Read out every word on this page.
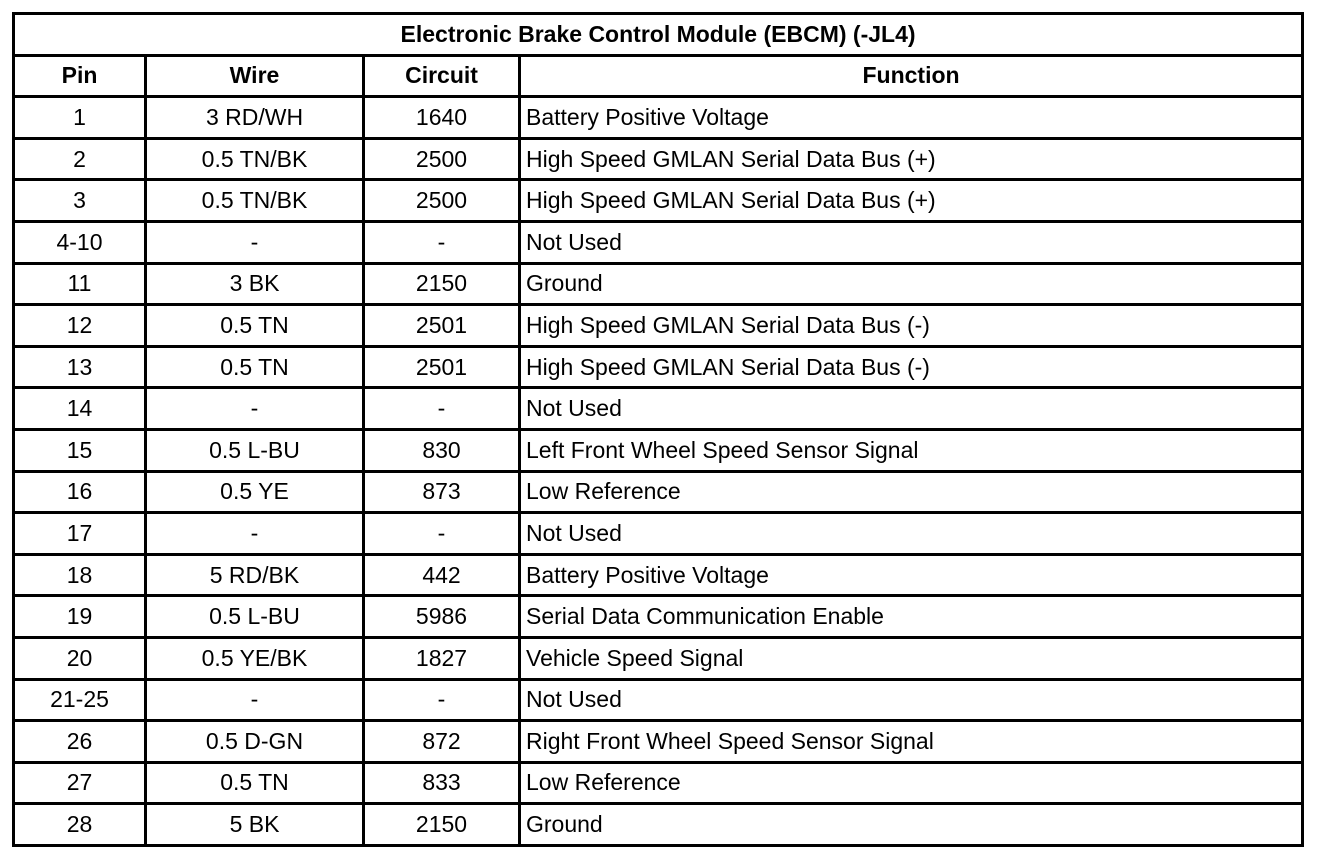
Electronic Brake Control Module (EBCM) (-JL4)			
Pin	Wire	Circuit	Function
1	3 RD/WH	1640	Battery Positive Voltage
2	0.5 TN/BK	2500	High Speed GMLAN Serial Data Bus (+)
3	0.5 TN/BK	2500	High Speed GMLAN Serial Data Bus (+)
4-10	-	-	Not Used
11	3 BK	2150	Ground
12	0.5 TN	2501	High Speed GMLAN Serial Data Bus (-)
13	0.5 TN	2501	High Speed GMLAN Serial Data Bus (-)
14	-	-	Not Used
15	0.5 L-BU	830	Left Front Wheel Speed Sensor Signal
16	0.5 YE	873	Low Reference
17	-	-	Not Used
18	5 RD/BK	442	Battery Positive Voltage
19	0.5 L-BU	5986	Serial Data Communication Enable
20	0.5 YE/BK	1827	Vehicle Speed Signal
21-25	-	-	Not Used
26	0.5 D-GN	872	Right Front Wheel Speed Sensor Signal
27	0.5 TN	833	Low Reference
28	5 BK	2150	Ground
